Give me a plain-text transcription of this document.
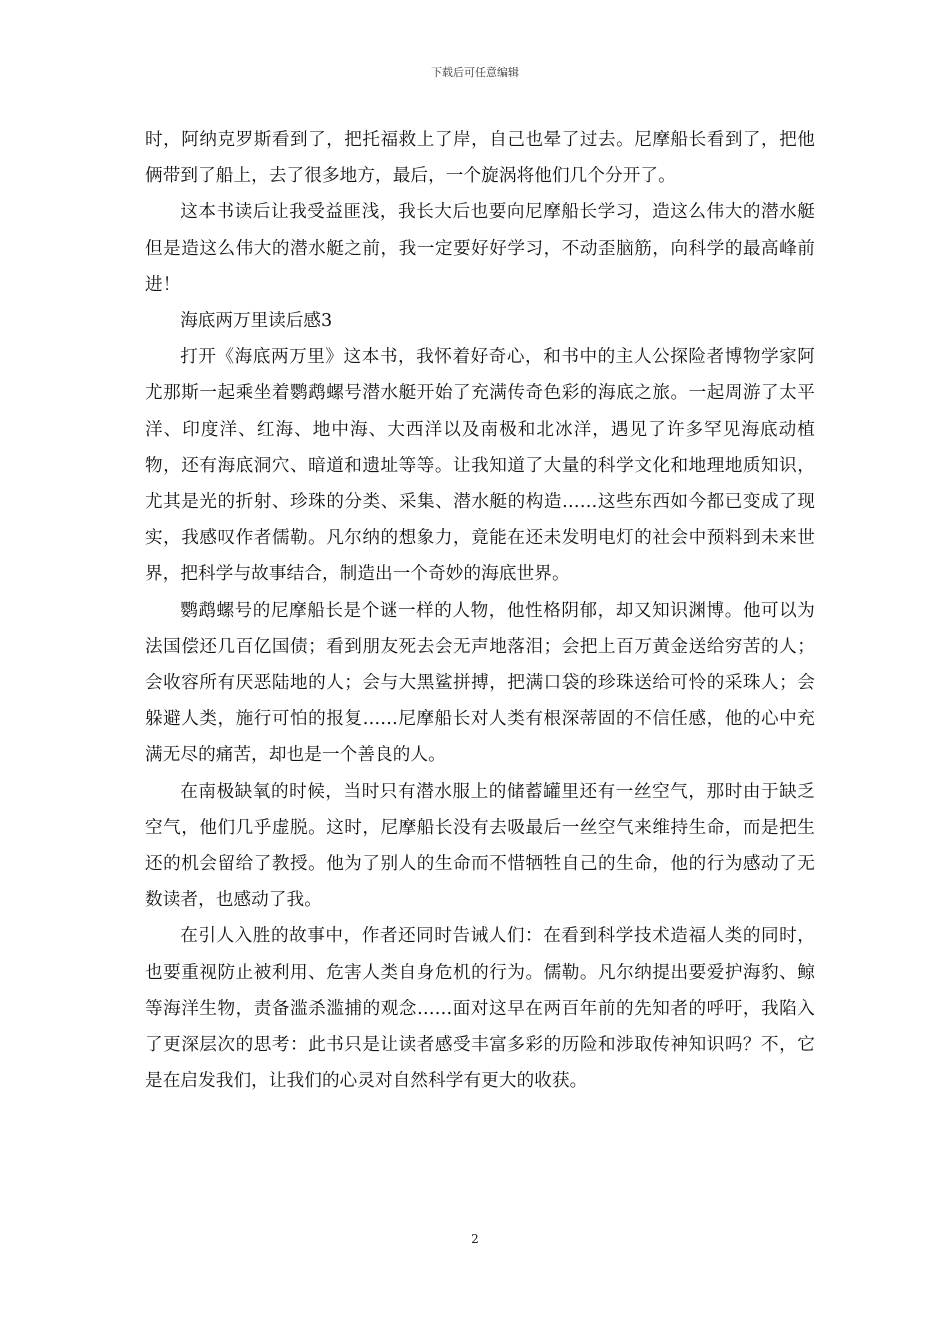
下载后可任意编辑

时，阿纳克罗斯看到了，把托福救上了岸，自己也晕了过去。尼摩船长看到了，把他俩带到了船上，去了很多地方，最后，一个旋涡将他们几个分开了。

这本书读后让我受益匪浅，我长大后也要向尼摩船长学习，造这么伟大的潜水艇但是造这么伟大的潜水艇之前，我一定要好好学习，不动歪脑筋，向科学的最高峰前进！

海底两万里读后感3

打开《海底两万里》这本书，我怀着好奇心，和书中的主人公探险者博物学家阿尤那斯一起乘坐着鹦鹉螺号潜水艇开始了充满传奇色彩的海底之旅。一起周游了太平洋、印度洋、红海、地中海、大西洋以及南极和北冰洋，遇见了许多罕见海底动植物，还有海底洞穴、暗道和遗址等等。让我知道了大量的科学文化和地理地质知识，尤其是光的折射、珍珠的分类、采集、潜水艇的构造……这些东西如今都已变成了现实，我感叹作者儒勒。凡尔纳的想象力，竟能在还未发明电灯的社会中预料到未来世界，把科学与故事结合，制造出一个奇妙的海底世界。

鹦鹉螺号的尼摩船长是个谜一样的人物，他性格阴郁，却又知识渊博。他可以为法国偿还几百亿国债；看到朋友死去会无声地落泪；会把上百万黄金送给穷苦的人；会收容所有厌恶陆地的人；会与大黑鲨拼搏，把满口袋的珍珠送给可怜的采珠人；会躲避人类，施行可怕的报复……尼摩船长对人类有根深蒂固的不信任感，他的心中充满无尽的痛苦，却也是一个善良的人。

在南极缺氧的时候，当时只有潜水服上的储蓄罐里还有一丝空气，那时由于缺乏空气，他们几乎虚脱。这时，尼摩船长没有去吸最后一丝空气来维持生命，而是把生还的机会留给了教授。他为了别人的生命而不惜牺牲自己的生命，他的行为感动了无数读者，也感动了我。

在引人入胜的故事中，作者还同时告诫人们：在看到科学技术造福人类的同时，也要重视防止被利用、危害人类自身危机的行为。儒勒。凡尔纳提出要爱护海豹、鲸等海洋生物，责备滥杀滥捕的观念……面对这早在两百年前的先知者的呼吁，我陷入了更深层次的思考：此书只是让读者感受丰富多彩的历险和涉取传神知识吗？不，它是在启发我们，让我们的心灵对自然科学有更大的收获。

2
